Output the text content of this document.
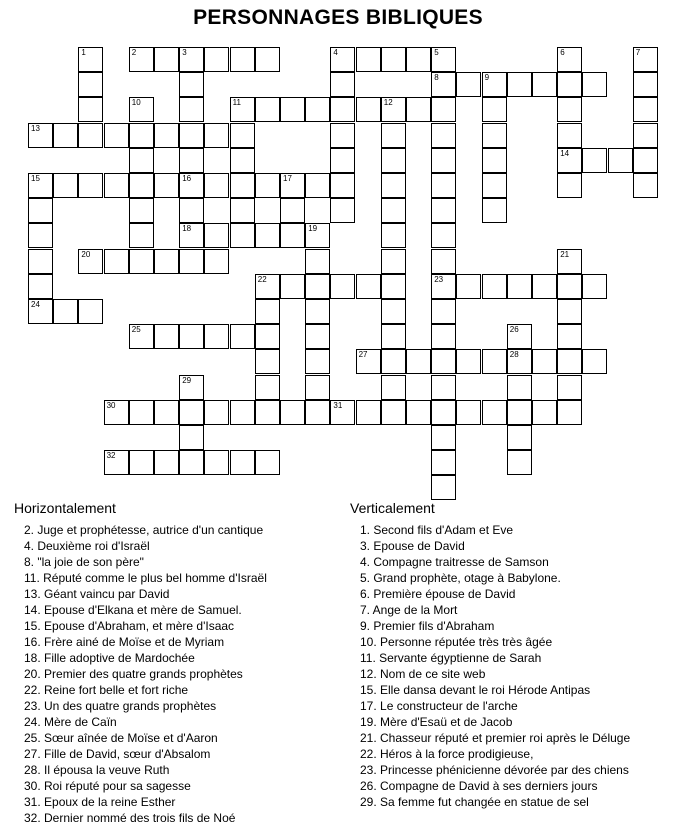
PERSONNAGES BIBLIQUES
2	3	4	5
8	9
11	12
13
14
15	16	17
18	19
20
22	23
24
25
27	28
30	31
32
1	6	7
10
21
26
29
Horizontalement
2. Juge et prophétesse, autrice d'un cantique
4. Deuxième roi d'Israël
8. "la joie de son père"
11. Réputé comme le plus bel homme d'Israël
13. Géant vaincu par David
14. Epouse d'Elkana et mère de Samuel.
15. Epouse d'Abraham, et mère d'Isaac
16. Frère ainé de Moïse et de Myriam
18. Fille adoptive de Mardochée
20. Premier des quatre grands prophètes
22. Reine fort belle et fort riche
23. Un des quatre grands prophètes
24. Mère de Caïn
25. Sœur aînée de Moïse et d'Aaron
27. Fille de David, sœur d'Absalom
28. Il épousa la veuve Ruth
30. Roi réputé pour sa sagesse
31. Epoux de la reine Esther
32. Dernier nommé des trois fils de Noé
Verticalement
1. Second fils d'Adam et Eve
3. Epouse de David
4. Compagne traitresse de Samson
5. Grand prophète, otage à Babylone.
6. Première épouse de David
7. Ange de la Mort
9. Premier fils d'Abraham
10. Personne réputée très très âgée
11. Servante égyptienne de Sarah
12. Nom de ce site web
15. Elle dansa devant le roi Hérode Antipas
17. Le constructeur de l'arche
19. Mère d'Esaü et de Jacob
21. Chasseur réputé et premier roi après le Déluge
22. Héros à la force prodigieuse,
23. Princesse phénicienne dévorée par des chiens
26. Compagne de David à ses derniers jours
29. Sa femme fut changée en statue de sel
